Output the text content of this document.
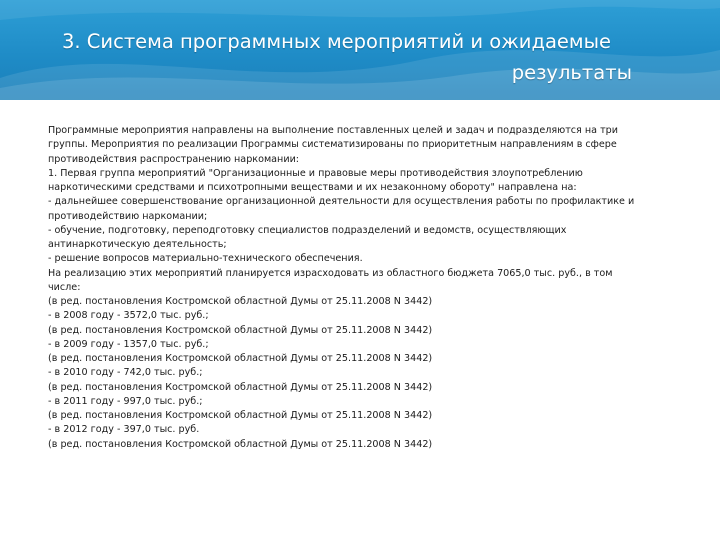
3. Система программных мероприятий и ожидаемые
результаты

Программные мероприятия направлены на выполнение поставленных целей и задач и подразделяются на три

группы. Мероприятия по реализации Программы систематизированы по приоритетным направлениям в сфере

противодействия распространению наркомании:

1. Первая группа мероприятий "Организационные и правовые меры противодействия злоупотреблению

наркотическими средствами и психотропными веществами и их незаконному обороту" направлена на:

- дальнейшее совершенствование организационной деятельности для осуществления работы по профилактике и

противодействию наркомании;

- обучение, подготовку, переподготовку специалистов подразделений и ведомств, осуществляющих

антинаркотическую деятельность;

- решение вопросов материально-технического обеспечения.

На реализацию этих мероприятий планируется израсходовать из областного бюджета 7065,0 тыс. руб., в том

числе:

(в ред. постановления Костромской областной Думы от 25.11.2008 N 3442)

- в 2008 году - 3572,0 тыс. руб.;

(в ред. постановления Костромской областной Думы от 25.11.2008 N 3442)

- в 2009 году - 1357,0 тыс. руб.;

(в ред. постановления Костромской областной Думы от 25.11.2008 N 3442)

- в 2010 году - 742,0 тыс. руб.;

(в ред. постановления Костромской областной Думы от 25.11.2008 N 3442)

- в 2011 году - 997,0 тыс. руб.;

(в ред. постановления Костромской областной Думы от 25.11.2008 N 3442)

- в 2012 году - 397,0 тыс. руб.

(в ред. постановления Костромской областной Думы от 25.11.2008 N 3442)
